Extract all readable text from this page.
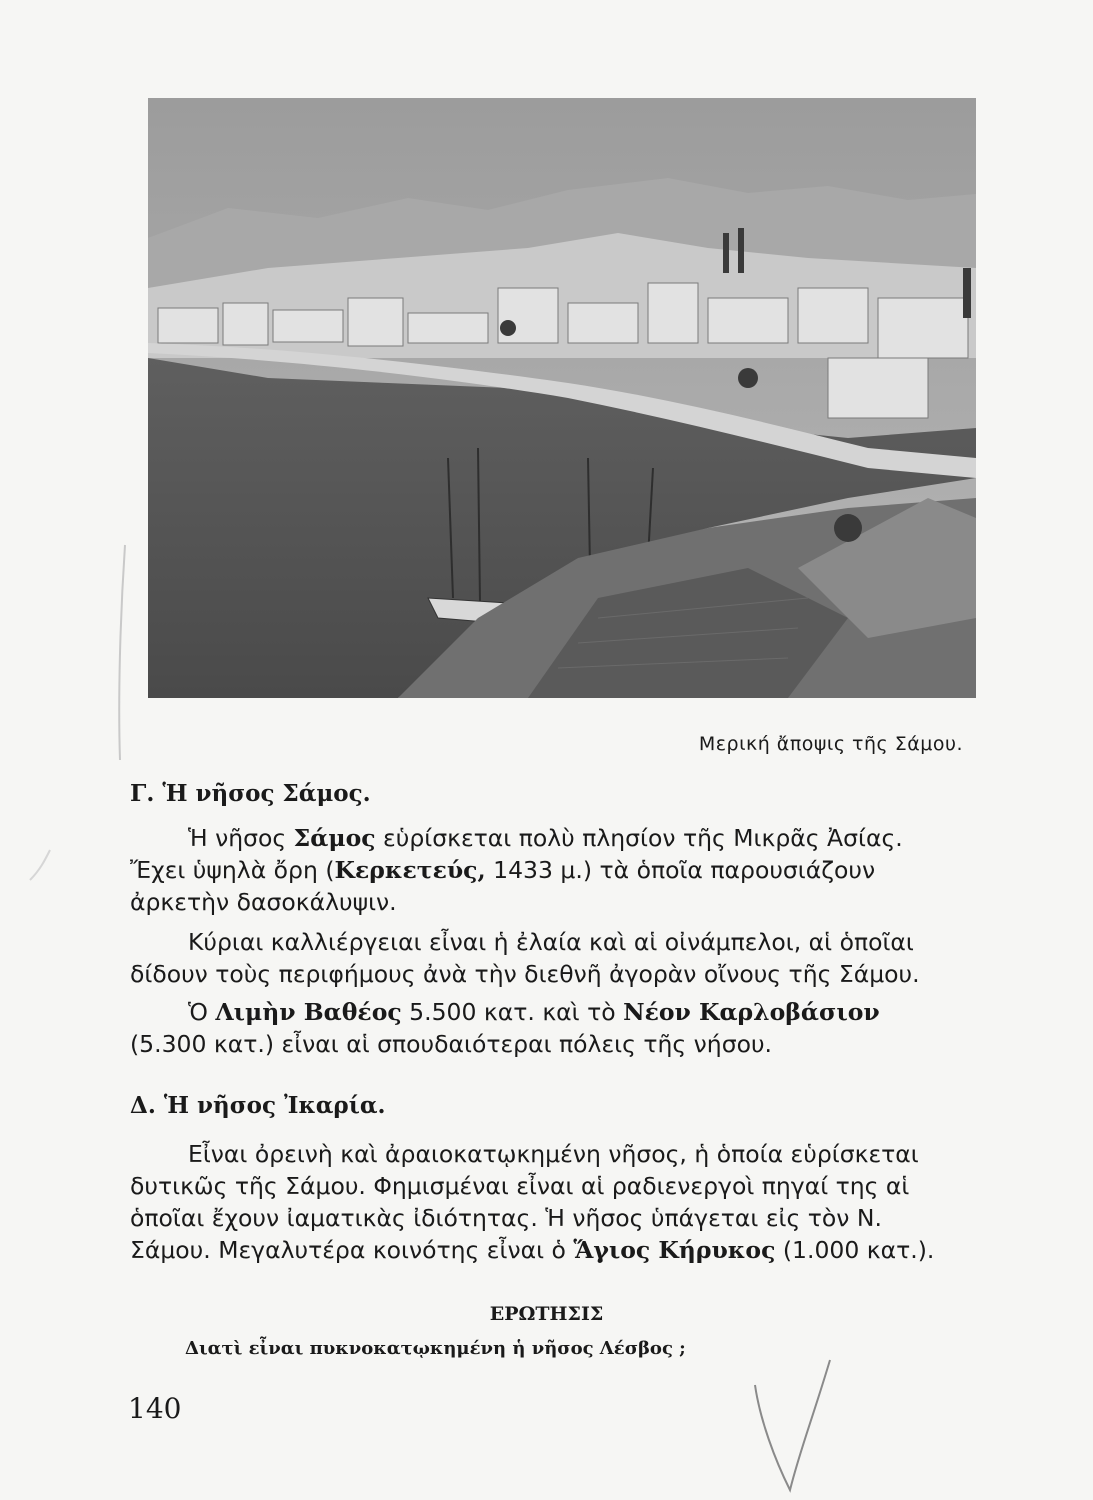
Μερική ἄποψις τῆς Σάμου.
Γ. Ἡ νῆσος Σάμος.

Ἡ νῆσος Σάμος εὑρίσκεται πολὺ πλησίον τῆς Μικρᾶς Ἀσίας. Ἔχει ὑψηλὰ ὄρη (Κερκετεύς, 1433 μ.) τὰ ὁποῖα παρουσιάζουν ἀρκετὴν δασοκάλυψιν.

Κύριαι καλλιέργειαι εἶναι ἡ ἐλαία καὶ αἱ οἰνάμπελοι, αἱ ὁποῖαι δίδουν τοὺς περιφήμους ἀνὰ τὴν διεθνῆ ἀγορὰν οἴνους τῆς Σάμου.

Ὁ Λιμὴν Βαθέος 5.500 κατ. καὶ τὸ Νέον Καρλοβάσιον (5.300 κατ.) εἶναι αἱ σπουδαιότεραι πόλεις τῆς νήσου.

Δ. Ἡ νῆσος Ἰκαρία.

Εἶναι ὀρεινὴ καὶ ἀραιοκατῳκημένη νῆσος, ἡ ὁποία εὑρίσκεται δυτικῶς τῆς Σάμου. Φημισμέναι εἶναι αἱ ραδιενεργοὶ πηγαί της αἱ ὁποῖαι ἔχουν ἰαματικὰς ἰδιότητας. Ἡ νῆσος ὑπάγεται εἰς τὸν Ν. Σάμου. Μεγαλυτέρα κοινότης εἶναι ὁ Ἅγιος Κήρυκος (1.000 κατ.).

ΕΡΩΤΗΣΙΣ
Διατὶ εἶναι πυκνοκατῳκημένη ἡ νῆσος Λέσβος ;
140
